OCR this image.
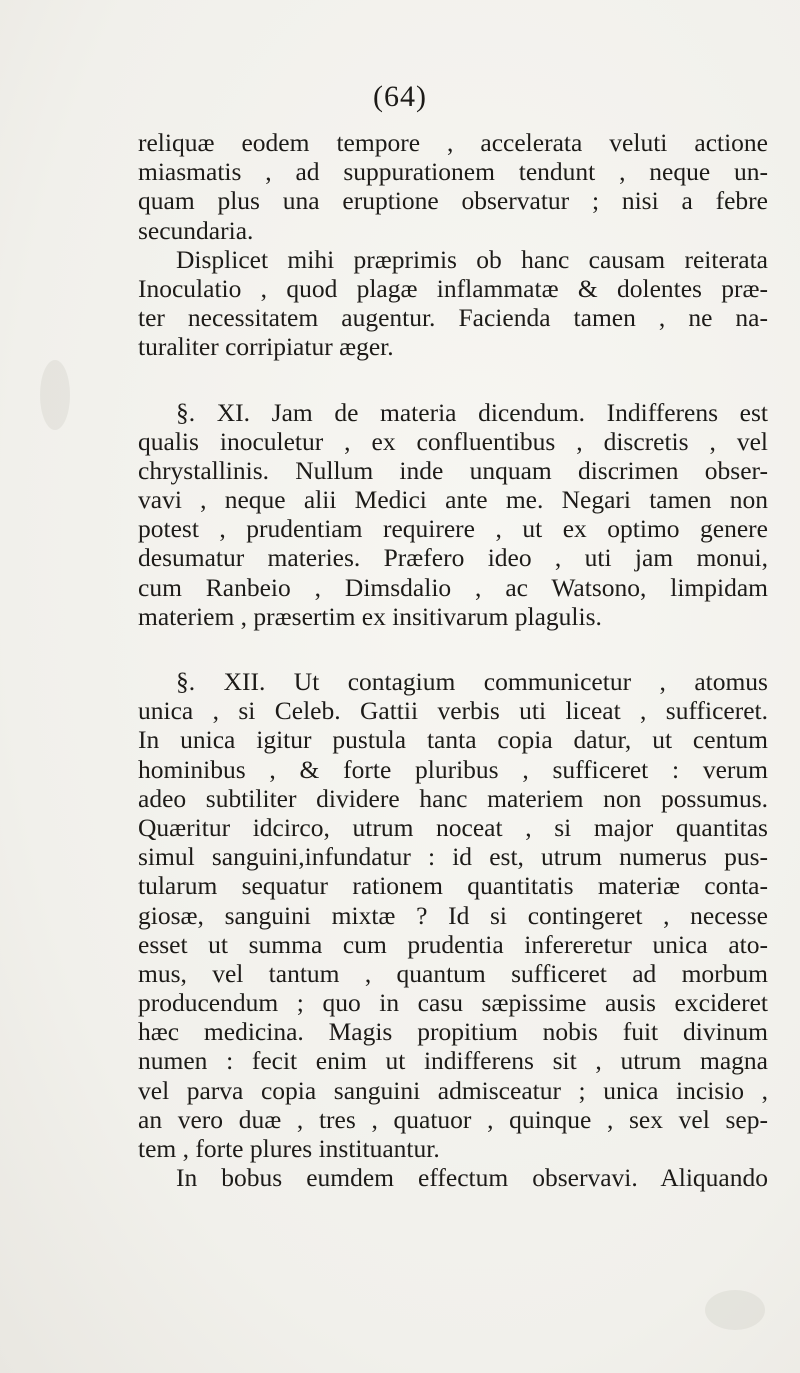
(64)
reliquæ eodem tempore , accelerata veluti actione
miasmatis , ad suppurationem tendunt , neque un-
quam plus una eruptione observatur ; nisi a febre
secundaria.
Displicet mihi præprimis ob hanc causam reiterata
Inoculatio , quod plagæ inflammatæ & dolentes præ-
ter necessitatem augentur. Facienda tamen , ne na-
turaliter corripiatur æger.
§. XI. Jam de materia dicendum. Indifferens est
qualis inoculetur , ex confluentibus , discretis , vel
chrystallinis. Nullum inde unquam discrimen obser-
vavi , neque alii Medici ante me. Negari tamen non
potest , prudentiam requirere , ut ex optimo genere
desumatur materies. Præfero ideo , uti jam monui,
cum Ranbeio , Dimsdalio , ac Watsono, limpidam
materiem , præsertim ex insitivarum plagulis.
§. XII. Ut contagium communicetur , atomus
unica , si Celeb. Gattii verbis uti liceat , sufficeret.
In unica igitur pustula tanta copia datur, ut centum
hominibus , & forte pluribus , sufficeret : verum
adeo subtiliter dividere hanc materiem non possumus.
Quæritur idcirco, utrum noceat , si major quantitas
simul sanguini,infundatur : id est, utrum numerus pus-
tularum sequatur rationem quantitatis materiæ conta-
giosæ, sanguini mixtæ ? Id si contingeret , necesse
esset ut summa cum prudentia infereretur unica ato-
mus, vel tantum , quantum sufficeret ad morbum
producendum ; quo in casu sæpissime ausis excideret
hæc medicina. Magis propitium nobis fuit divinum
numen : fecit enim ut indifferens sit , utrum magna
vel parva copia sanguini admisceatur ; unica incisio ,
an vero duæ , tres , quatuor , quinque , sex vel sep-
tem , forte plures instituantur.
In bobus eumdem effectum observavi. Aliquando
